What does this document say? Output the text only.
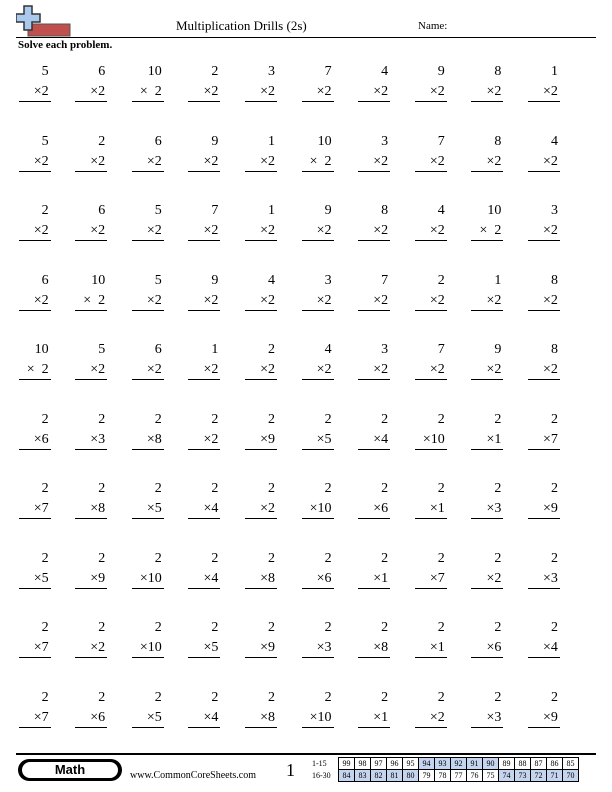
Multiplication Drills (2s)	Name:
Solve each problem.
5
×2
6
×2
10
×  2
2
×2
3
×2
7
×2
4
×2
9
×2
8
×2
1
×2
5
×2
2
×2
6
×2
9
×2
1
×2
10
×  2
3
×2
7
×2
8
×2
4
×2
2
×2
6
×2
5
×2
7
×2
1
×2
9
×2
8
×2
4
×2
10
×  2
3
×2
6
×2
10
×  2
5
×2
9
×2
4
×2
3
×2
7
×2
2
×2
1
×2
8
×2
10
×  2
5
×2
6
×2
1
×2
2
×2
4
×2
3
×2
7
×2
9
×2
8
×2
2
×6
2
×3
2
×8
2
×2
2
×9
2
×5
2
×4
2
×10
2
×1
2
×7
2
×7
2
×8
2
×5
2
×4
2
×2
2
×10
2
×6
2
×1
2
×3
2
×9
2
×5
2
×9
2
×10
2
×4
2
×8
2
×6
2
×1
2
×7
2
×2
2
×3
2
×7
2
×2
2
×10
2
×5
2
×9
2
×3
2
×8
2
×1
2
×6
2
×4
2
×7
2
×6
2
×5
2
×4
2
×8
2
×10
2
×1
2
×2
2
×3
2
×9
Math	www.CommonCoreSheets.com 1 1-15	99	98	97	96	95	94	93	92	91	90	89	88	87	86	85
16-30	84	83	82	81	80	79	78	77	76	75	74	73	72	71	70
